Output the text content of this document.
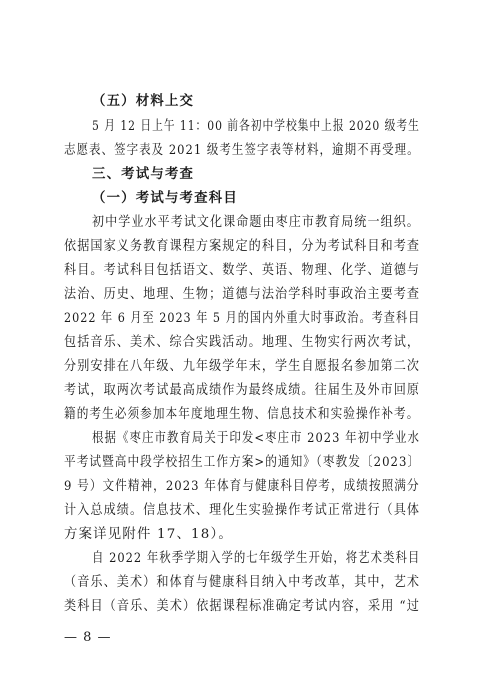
（五）材料上交
5 月 12 日上午 11：00 前各初中学校集中上报 2020 级考生
志愿表、签字表及 2021 级考生签字表等材料，逾期不再受理。
三、考试与考查
（一）考试与考查科目
初中学业水平考试文化课命题由枣庄市教育局统一组织。
依据国家义务教育课程方案规定的科目，分为考试科目和考查
科目。考试科目包括语文、数学、英语、物理、化学、道德与
法治、历史、地理、生物；道德与法治学科时事政治主要考查
2022 年 6 月至 2023 年 5 月的国内外重大时事政治。考查科目
包括音乐、美术、综合实践活动。地理、生物实行两次考试，
分别安排在八年级、九年级学年末，学生自愿报名参加第二次
考试，取两次考试最高成绩作为最终成绩。往届生及外市回原
籍的考生必须参加本年度地理生物、信息技术和实验操作补考。
根据《枣庄市教育局关于印发<枣庄市 2023 年初中学业水
平考试暨高中段学校招生工作方案>的通知》（枣教发〔2023〕
9 号）文件精神，2023 年体育与健康科目停考，成绩按照满分
计入总成绩。信息技术、理化生实验操作考试正常进行（具体
方案详见附件 17、18）。
自 2022 年秋季学期入学的七年级学生开始，将艺术类科目
（音乐、美术）和体育与健康科目纳入中考改革，其中，艺术
类科目（音乐、美术）依据课程标准确定考试内容，采用 “过
— 8 —
